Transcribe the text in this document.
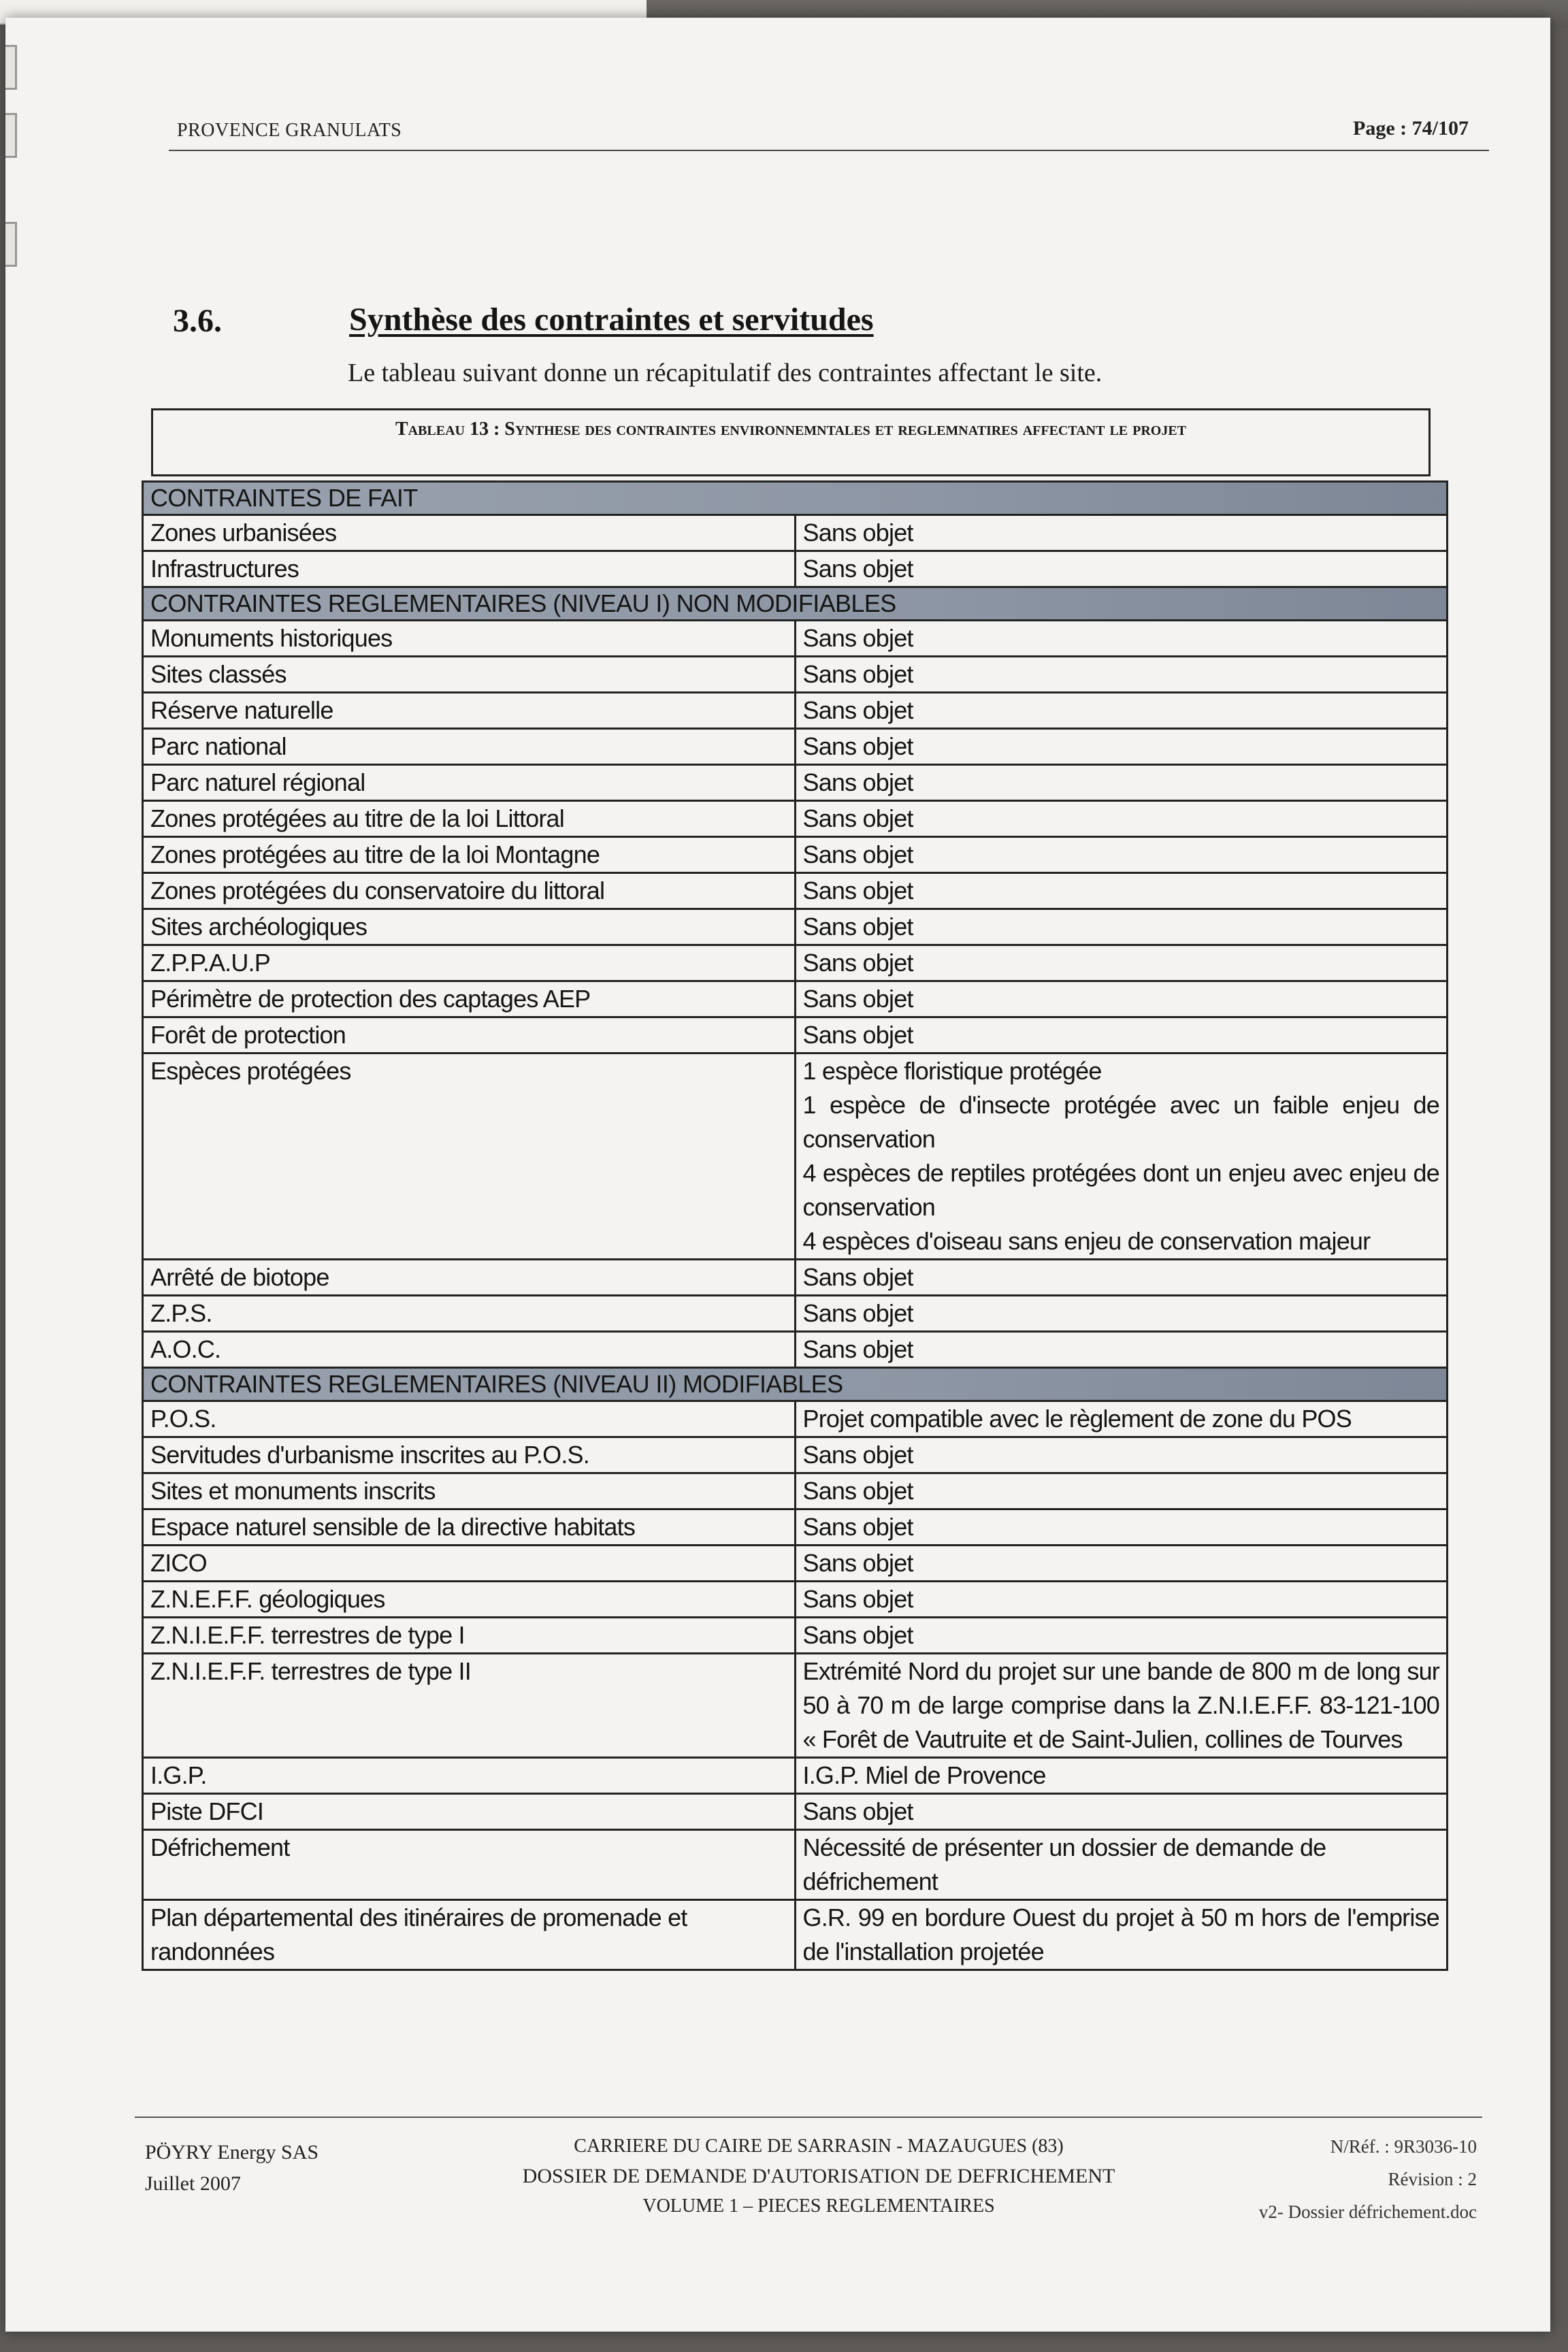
PROVENCE GRANULATS	Page : 74/107
3.6.	Synthèse des contraintes et servitudes
Le tableau suivant donne un récapitulatif des contraintes affectant le site.
Tableau 13 : Synthese des contraintes environnemntales et reglemnatires affectant le projet
CONTRAINTES DE FAIT	
Zones urbanisées	Sans objet

Infrastructures	Sans objet

CONTRAINTES REGLEMENTAIRES (NIVEAU I) NON MODIFIABLES	
Monuments historiques	Sans objet

Sites classés	Sans objet

Réserve naturelle	Sans objet

Parc national	Sans objet

Parc naturel régional	Sans objet

Zones protégées au titre de la loi Littoral	Sans objet

Zones protégées au titre de la loi Montagne	Sans objet

Zones protégées du conservatoire du littoral	Sans objet

Sites archéologiques	Sans objet

Z.P.P.A.U.P	Sans objet

Périmètre de protection des captages AEP	Sans objet

Forêt de protection	Sans objet

Espèces protégées	1 espèce floristique protégée
1 espèce de d'insecte protégée avec un faible enjeu de conservation
4 espèces de reptiles protégées dont un enjeu avec enjeu de conservation
4 espèces d'oiseau sans enjeu de conservation majeur

Arrêté de biotope	Sans objet

Z.P.S.	Sans objet

A.O.C.	Sans objet

CONTRAINTES REGLEMENTAIRES (NIVEAU II) MODIFIABLES	
P.O.S.	Projet compatible avec le règlement de zone du POS

Servitudes d'urbanisme inscrites au P.O.S.	Sans objet

Sites et monuments inscrits	Sans objet

Espace naturel sensible de la directive habitats	Sans objet

ZICO	Sans objet

Z.N.E.F.F. géologiques	Sans objet

Z.N.I.E.F.F. terrestres de type I	Sans objet

Z.N.I.E.F.F. terrestres de type II	Extrémité Nord du projet sur une bande de 800 m de long sur 50 à 70 m de large comprise dans la Z.N.I.E.F.F. 83-121-100 « Forêt de Vautruite et de Saint-Julien, collines de Tourves

I.G.P.	I.G.P. Miel de Provence

Piste DFCI	Sans objet

Défrichement	Nécessité de présenter un dossier de demande de défrichement

Plan départemental des itinéraires de promenade et randonnées	G.R. 99 en bordure Ouest du projet à 50 m hors de l'emprise de l'installation projetée
PÖYRY Energy SAS
Juillet 2007
CARRIERE DU CAIRE DE SARRASIN - MAZAUGUES (83)
DOSSIER DE DEMANDE D'AUTORISATION DE DEFRICHEMENT
VOLUME 1 – PIECES REGLEMENTAIRES
N/Réf. : 9R3036-10
Révision : 2
v2- Dossier défrichement.doc
